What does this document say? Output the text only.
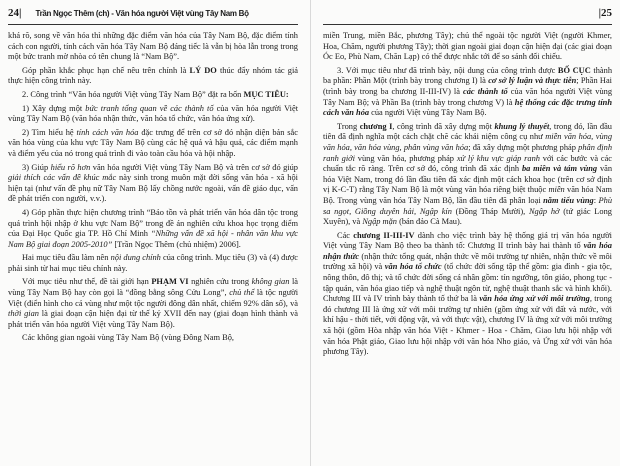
24| Trần Ngọc Thêm (ch) - Văn hóa người Việt vùng Tây Nam Bộ

khá rõ, song về văn hóa thì những đặc điểm văn hóa của Tây Nam Bộ, đặc điểm tính cách con người, tính cách văn hóa Tây Nam Bộ đáng tiếc là vẫn bị hòa lẫn trong trong một bức tranh mờ nhòa có tên chung là “Nam Bộ”.

Góp phần khắc phục hạn chế nêu trên chính là LÝ DO thúc đẩy nhóm tác giả thực hiện công trình này.

2. Công trình “Văn hóa người Việt vùng Tây Nam Bộ” đặt ra bốn MỤC TIÊU:

1) Xây dựng một bức tranh tổng quan về các thành tố của văn hóa người Việt vùng Tây Nam Bộ (văn hóa nhận thức, văn hóa tổ chức, văn hóa ứng xử).

2) Tìm hiểu hệ tính cách văn hóa đặc trưng để trên cơ sở đó nhận diện bản sắc văn hóa vùng của khu vực Tây Nam Bộ cùng các hệ quả và hậu quả, các điểm mạnh và điểm yếu của nó trong quá trình đi vào toàn cầu hóa và hội nhập.

3) Giúp hiểu rõ hơn văn hóa người Việt vùng Tây Nam Bộ và trên cơ sở đó giúp giải thích các vấn đề khúc mắc này sinh trong muôn mặt đời sống văn hóa - xã hội hiện tại (như vấn đề phụ nữ Tây Nam Bộ lấy chồng nước ngoài, vấn đề giáo dục, vấn đề phát triển con người, v.v.).

4) Góp phần thực hiện chương trình “Bảo tồn và phát triển văn hóa dân tộc trong quá trình hội nhập ở khu vực Nam Bộ” trong đề án nghiên cứu khoa học trọng điểm của Đại Học Quốc gia TP. Hồ Chí Minh “Những vấn đề xã hội - nhân văn khu vực Nam Bộ giai đoạn 2005-2010” [Trần Ngọc Thêm (chủ nhiệm) 2006].

Hai mục tiêu đầu làm nên nội dung chính của công trình. Mục tiêu (3) và (4) được phải sinh từ hai mục tiêu chính này.

Với mục tiêu như thế, đề tài giới hạn PHẠM VI nghiên cứu trong không gian là vùng Tây Nam Bộ hay còn gọi là “đồng bằng sông Cửu Long”, chủ thể là tộc người Việt (điển hình cho cả vùng như một tộc người đông dân nhất, chiếm 92% dân số), và thời gian là giai đoạn cận hiện đại từ thế kỷ XVII đến nay (giai đoạn hình thành và phát triển văn hóa người Việt vùng Tây Nam Bộ).

Các không gian ngoài vùng Tây Nam Bộ (vùng Đông Nam Bộ,

|25

miền Trung, miền Bắc, phương Tây); chủ thể ngoài tộc người Việt (người Khmer, Hoa, Chăm, người phương Tây); thời gian ngoài giai đoạn cận hiện đại (các giai đoạn Óc Eo, Phù Nam, Chăn Lạp) có thể được nhắc tới để so sánh đối chiếu.

3. Với mục tiêu như đã trình bày, nội dung của công trình được BỐ CỤC thành ba phần: Phần Một (trình bày trong chương I) là cơ sở lý luận và thực tiễn; Phần Hai (trình bày trong ba chương II-III-IV) là các thành tố của văn hóa người Việt vùng Tây Nam Bộ; và Phần Ba (trình bày trong chương V) là hệ thống các đặc trưng tính cách văn hóa của người Việt vùng Tây Nam Bộ.

Trong chương I, công trình đã xây dựng một khung lý thuyết, trong đó, lần đầu tiên đã định nghĩa một cách chặt chẽ các khái niệm công cụ như miền văn hóa, vùng văn hóa, văn hóa vùng, phân vùng văn hóa; đã xây dựng một phương pháp phân định ranh giới vùng văn hóa, phương pháp xử lý khu vực giáp ranh với các bước và các chuẩn tắc rõ ràng. Trên cơ sở đó, công trình đã xác định ba miền và tám vùng văn hóa Việt Nam, trong đó lần đầu tiên đã xác định một cách khoa học (trên cơ sở định vị K-C-T) rằng Tây Nam Bộ là một vùng văn hóa riêng biệt thuộc miền văn hóa Nam Bộ. Trong vùng văn hóa Tây Nam Bộ, lần đầu tiên đã phân loại năm tiểu vùng: Phù sa ngọt, Giồng duyên hải, Ngập kín (Đồng Tháp Mười), Ngập hở (tứ giác Long Xuyên), và Ngập mặn (bán đảo Cà Mau).

Các chương II-III-IV dành cho việc trình bày hệ thống giá trị văn hóa người Việt vùng Tây Nam Bộ theo ba thành tố: Chương II trình bày hai thành tố văn hóa nhận thức (nhận thức tổng quát, nhận thức về môi trường tự nhiên, nhận thức về môi trường xã hội) và văn hóa tổ chức (tổ chức đời sống tập thể gồm: gia đình - gia tộc, nông thôn, đô thị; và tổ chức đời sống cá nhân gồm: tín ngưỡng, tôn giáo, phong tục - tập quán, văn hóa giao tiếp và nghệ thuật ngôn từ, nghệ thuật thanh sắc và hình khối). Chương III và IV trình bày thành tố thứ ba là văn hóa ứng xử với môi trường, trong đó chương III là ứng xử với môi trường tự nhiên (gồm ứng xử với đất và nước, với khí hậu - thời tiết, với động vật, và với thực vật), chương IV là ứng xử với môi trường xã hội (gồm Hòa nhập văn hóa Việt - Khmer - Hoa - Chăm, Giao lưu hội nhập với văn hóa Phật giáo, Giao lưu hội nhập với văn hóa Nho giáo, và Ứng xử với văn hóa phương Tây).
